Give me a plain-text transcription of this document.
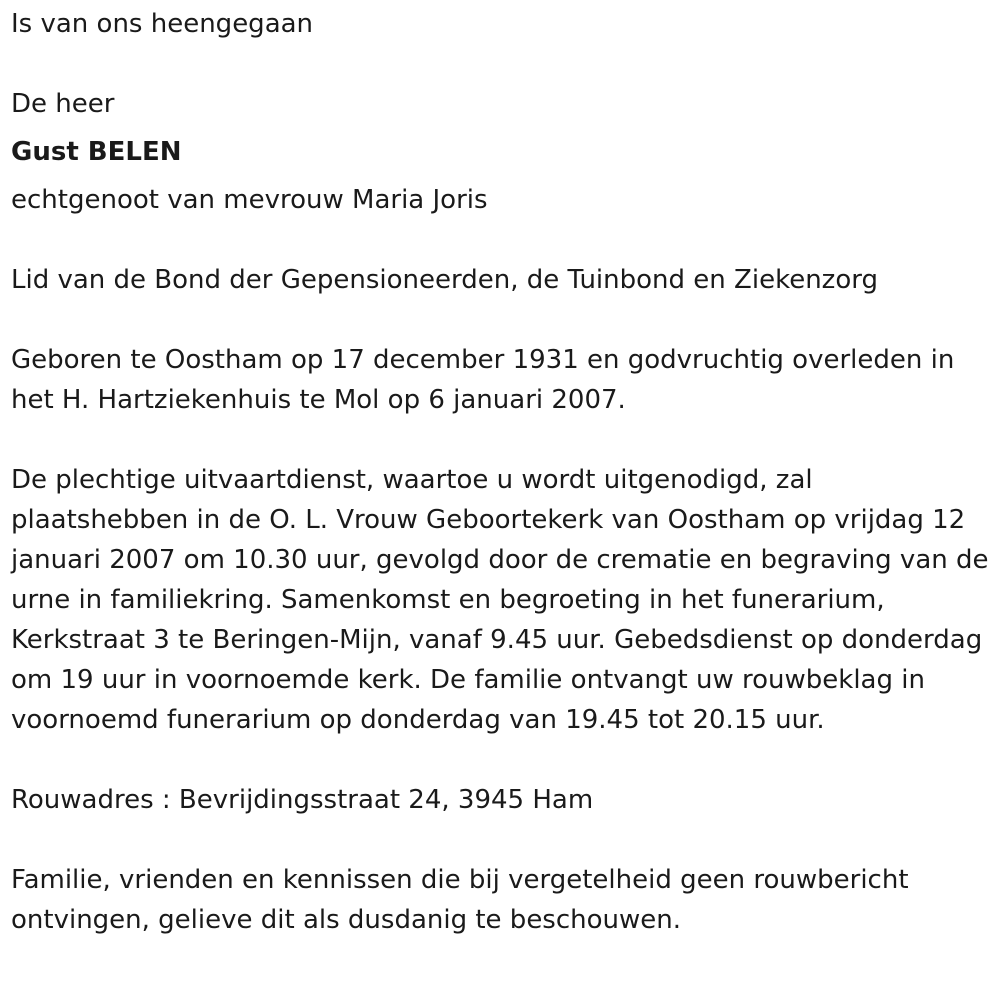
Is van ons heengegaan

De heer

Gust BELEN

echtgenoot van mevrouw Maria Joris

Lid van de Bond der Gepensioneerden, de Tuinbond en Ziekenzorg

Geboren te Oostham op 17 december 1931 en godvruchtig overleden in het H. Hartziekenhuis te Mol op 6 januari 2007.

De plechtige uitvaartdienst, waartoe u wordt uitgenodigd, zal plaatshebben in de O. L. Vrouw Geboortekerk van Oostham op vrijdag 12 januari 2007 om 10.30 uur, gevolgd door de crematie en begraving van de urne in familiekring. Samenkomst en begroeting in het funerarium, Kerkstraat 3 te Beringen-Mijn, vanaf 9.45 uur. Gebedsdienst op donderdag om 19 uur in voornoemde kerk. De familie ontvangt uw rouwbeklag in voornoemd funerarium op donderdag van 19.45 tot 20.15 uur.

Rouwadres : Bevrijdingsstraat 24, 3945 Ham

Familie, vrienden en kennissen die bij vergetelheid geen rouwbericht ontvingen, gelieve dit als dusdanig te beschouwen.
